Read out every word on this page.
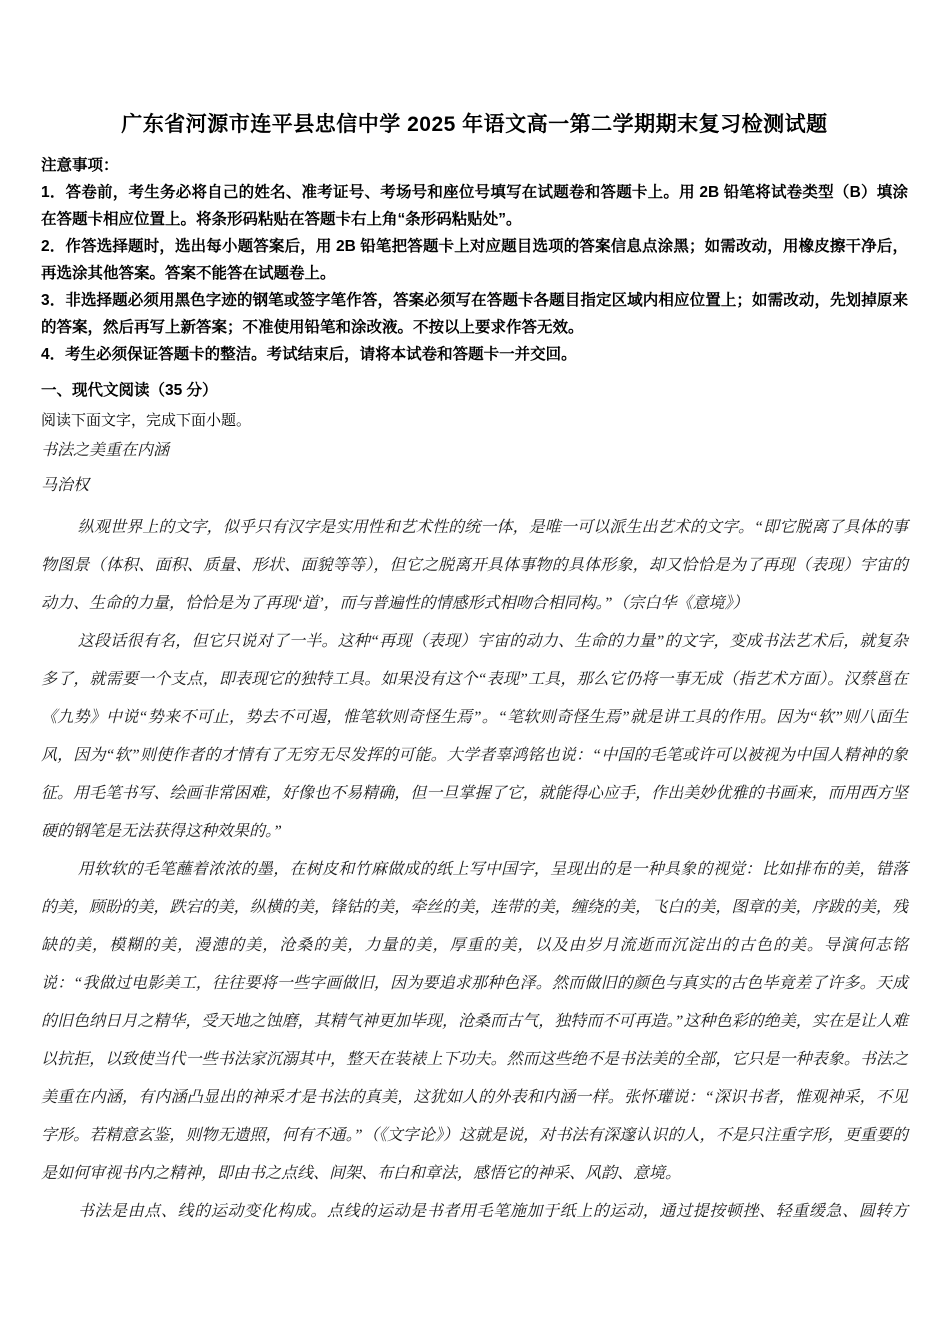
广东省河源市连平县忠信中学 2025 年语文高一第二学期期末复习检测试题

注意事项：

1．答卷前，考生务必将自己的姓名、准考证号、考场号和座位号填写在试题卷和答题卡上。用 2B 铅笔将试卷类型（B）填涂在答题卡相应位置上。将条形码粘贴在答题卡右上角“条形码粘贴处”。

2．作答选择题时，选出每小题答案后，用 2B 铅笔把答题卡上对应题目选项的答案信息点涂黑；如需改动，用橡皮擦干净后，再选涂其他答案。答案不能答在试题卷上。

3．非选择题必须用黑色字迹的钢笔或签字笔作答，答案必须写在答题卡各题目指定区域内相应位置上；如需改动，先划掉原来的答案，然后再写上新答案；不准使用铅笔和涂改液。不按以上要求作答无效。

4．考生必须保证答题卡的整洁。考试结束后，请将本试卷和答题卡一并交回。

一、现代文阅读（35 分）

阅读下面文字，完成下面小题。

书法之美重在内涵

马治权

纵观世界上的文字，似乎只有汉字是实用性和艺术性的统一体，是唯一可以派生出艺术的文字。“即它脱离了具体的事物图景（体积、面积、质量、形状、面貌等等），但它之脱离开具体事物的具体形象，却又恰恰是为了再现（表现）宇宙的动力、生命的力量，恰恰是为了再现‘道’，而与普遍性的情感形式相吻合相同构。”（宗白华《意境》）

这段话很有名，但它只说对了一半。这种“再现（表现）宇宙的动力、生命的力量”的文字，变成书法艺术后，就复杂多了，就需要一个支点，即表现它的独特工具。如果没有这个“表现”工具，那么它仍将一事无成（指艺术方面）。汉蔡邕在《九势》中说“势来不可止，势去不可遏，惟笔软则奇怪生焉”。“笔软则奇怪生焉”就是讲工具的作用。因为“软”则八面生风，因为“软”则使作者的才情有了无穷无尽发挥的可能。大学者辜鸿铭也说：“中国的毛笔或许可以被视为中国人精神的象征。用毛笔书写、绘画非常困难，好像也不易精确，但一旦掌握了它，就能得心应手，作出美妙优雅的书画来，而用西方坚硬的钢笔是无法获得这种效果的。”

用软软的毛笔蘸着浓浓的墨，在树皮和竹麻做成的纸上写中国字，呈现出的是一种具象的视觉：比如排布的美，错落的美，顾盼的美，跌宕的美，纵横的美，锋钴的美，牵丝的美，连带的美，缠绕的美，飞白的美，图章的美，序跋的美，残缺的美，模糊的美，漫漶的美，沧桑的美，力量的美，厚重的美，以及由岁月流逝而沉淀出的古色的美。导演何志铭说：“我做过电影美工，往往要将一些字画做旧，因为要追求那种色泽。然而做旧的颜色与真实的古色毕竟差了许多。天成的旧色纳日月之精华，受天地之蚀磨，其精气神更加毕现，沧桑而古气，独特而不可再造。”这种色彩的绝美，实在是让人难以抗拒，以致使当代一些书法家沉溺其中，整天在装裱上下功夫。然而这些绝不是书法美的全部，它只是一种表象。书法之美重在内涵，有内涵凸显出的神采才是书法的真美，这犹如人的外表和内涵一样。张怀瓘说：“深识书者，惟观神采，不见字形。若精意玄鉴，则物无遗照，何有不通。”（《文字论》）这就是说，对书法有深邃认识的人，不是只注重字形，更重要的是如何审视书内之精神，即由书之点线、间架、布白和章法，感悟它的神采、风韵、意境。

书法是由点、线的运动变化构成。点线的运动是书者用毛笔施加于纸上的运动，通过提按顿挫、轻重缓急、圆转方
